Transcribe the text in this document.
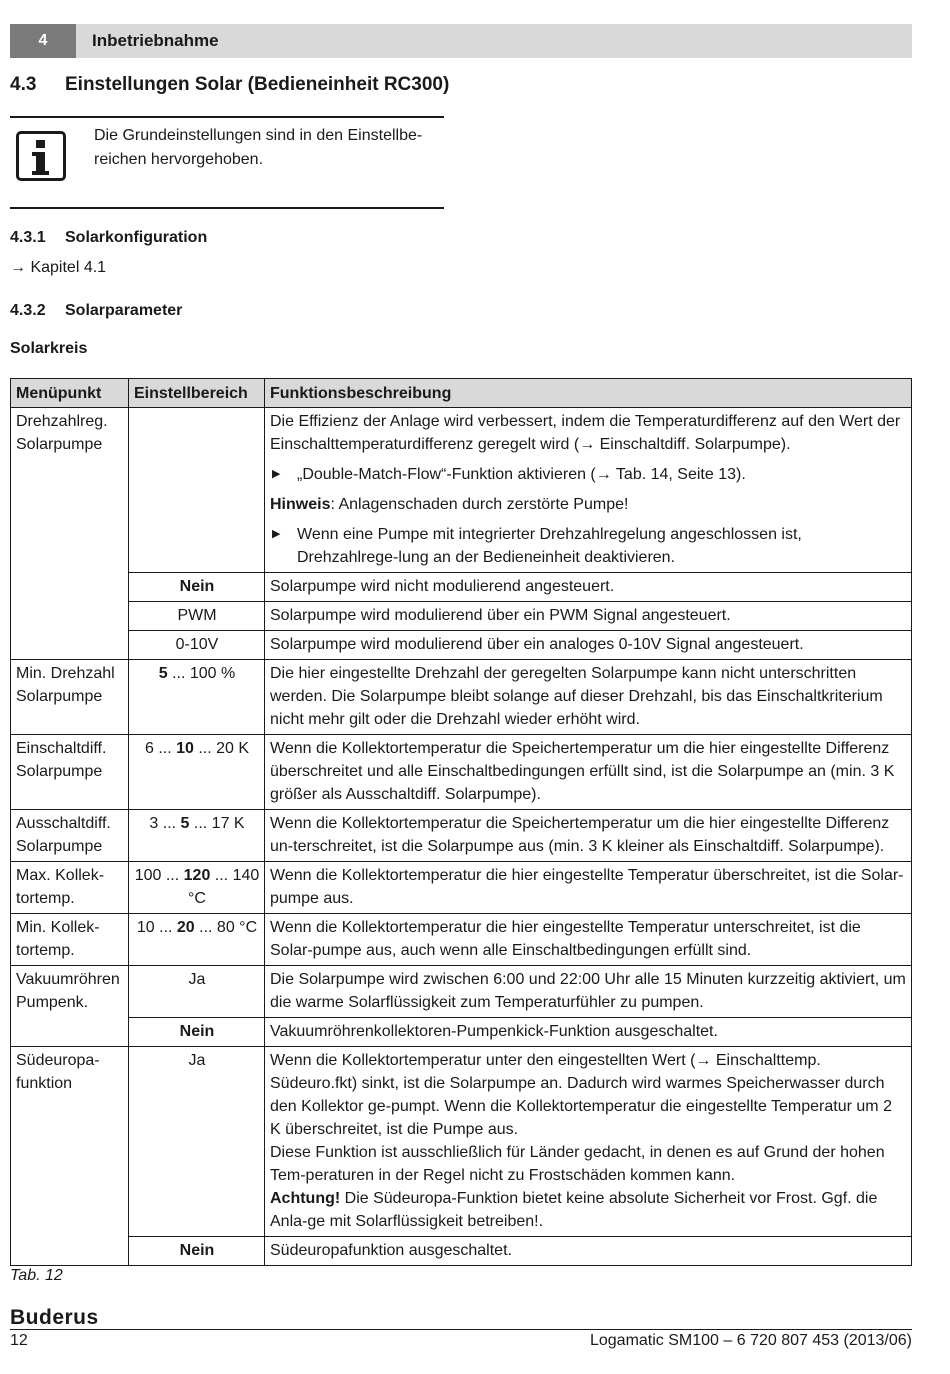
4	Inbetriebnahme
4.3 Einstellungen Solar (Bedieneinheit RC300)
Die Grundeinstellungen sind in den Einstellbe-
reichen hervorgehoben.
4.3.1 Solarkonfiguration
→ Kapitel 4.1
4.3.2 Solarparameter
Solarkreis
Menüpunkt	Einstellbereich	Funktionsbeschreibung
Drehzahlreg. Solarpumpe		Die Effizienz der Anlage wird verbessert, indem die Temperaturdifferenz auf den Wert der Einschalttemperaturdifferenz geregelt wird (→ Einschaltdiff. Solarpumpe).
▶ „Double-Match-Flow“-Funktion aktivieren (→ Tab. 14, Seite 13).
Hinweis: Anlagenschaden durch zerstörte Pumpe!
▶ Wenn eine Pumpe mit integrierter Drehzahlregelung angeschlossen ist, Drehzahlrege-lung an der Bedieneinheit deaktivieren.

	Nein	Solarpumpe wird nicht modulierend angesteuert.
	PWM	Solarpumpe wird modulierend über ein PWM Signal angesteuert.
	0-10V	Solarpumpe wird modulierend über ein analoges 0-10V Signal angesteuert.
Min. Drehzahl Solarpumpe	5 ... 100 %	Die hier eingestellte Drehzahl der geregelten Solarpumpe kann nicht unterschritten werden. Die Solarpumpe bleibt solange auf dieser Drehzahl, bis das Einschaltkriterium nicht mehr gilt oder die Drehzahl wieder erhöht wird.
Einschaltdiff. Solarpumpe	6 ... 10 ... 20 K	Wenn die Kollektortemperatur die Speichertemperatur um die hier eingestellte Differenz überschreitet und alle Einschaltbedingungen erfüllt sind, ist die Solarpumpe an (min. 3 K größer als Ausschaltdiff. Solarpumpe).
Ausschaltdiff. Solarpumpe	3 ... 5 ... 17 K	Wenn die Kollektortemperatur die Speichertemperatur um die hier eingestellte Differenz un-terschreitet, ist die Solarpumpe aus (min. 3 K kleiner als Einschaltdiff. Solarpumpe).
Max. Kollek-tortemp.	100 ... 120 ... 140 °C	Wenn die Kollektortemperatur die hier eingestellte Temperatur überschreitet, ist die Solar-pumpe aus.
Min. Kollek-tortemp.	10 ... 20 ... 80 °C	Wenn die Kollektortemperatur die hier eingestellte Temperatur unterschreitet, ist die Solar-pumpe aus, auch wenn alle Einschaltbedingungen erfüllt sind.
Vakuumröhren Pumpenk.	Ja	Die Solarpumpe wird zwischen 6:00 und 22:00 Uhr alle 15 Minuten kurzzeitig aktiviert, um die warme Solarflüssigkeit zum Temperaturfühler zu pumpen.
	Nein	Vakuumröhrenkollektoren-Pumpenkick-Funktion ausgeschaltet.
Südeuropa-funktion	Ja	Wenn die Kollektortemperatur unter den eingestellten Wert (→ Einschalttemp. Südeuro.fkt) sinkt, ist die Solarpumpe an. Dadurch wird warmes Speicherwasser durch den Kollektor ge-pumpt. Wenn die Kollektortemperatur die eingestellte Temperatur um 2 K überschreitet, ist die Pumpe aus.
Diese Funktion ist ausschließlich für Länder gedacht, in denen es auf Grund der hohen Tem-peraturen in der Regel nicht zu Frostschäden kommen kann.
Achtung! Die Südeuropa-Funktion bietet keine absolute Sicherheit vor Frost. Ggf. die Anla-ge mit Solarflüssigkeit betreiben!.

	Nein	Südeuropafunktion ausgeschaltet.
Tab. 12
Buderus
12	Logamatic SM100 – 6 720 807 453 (2013/06)
